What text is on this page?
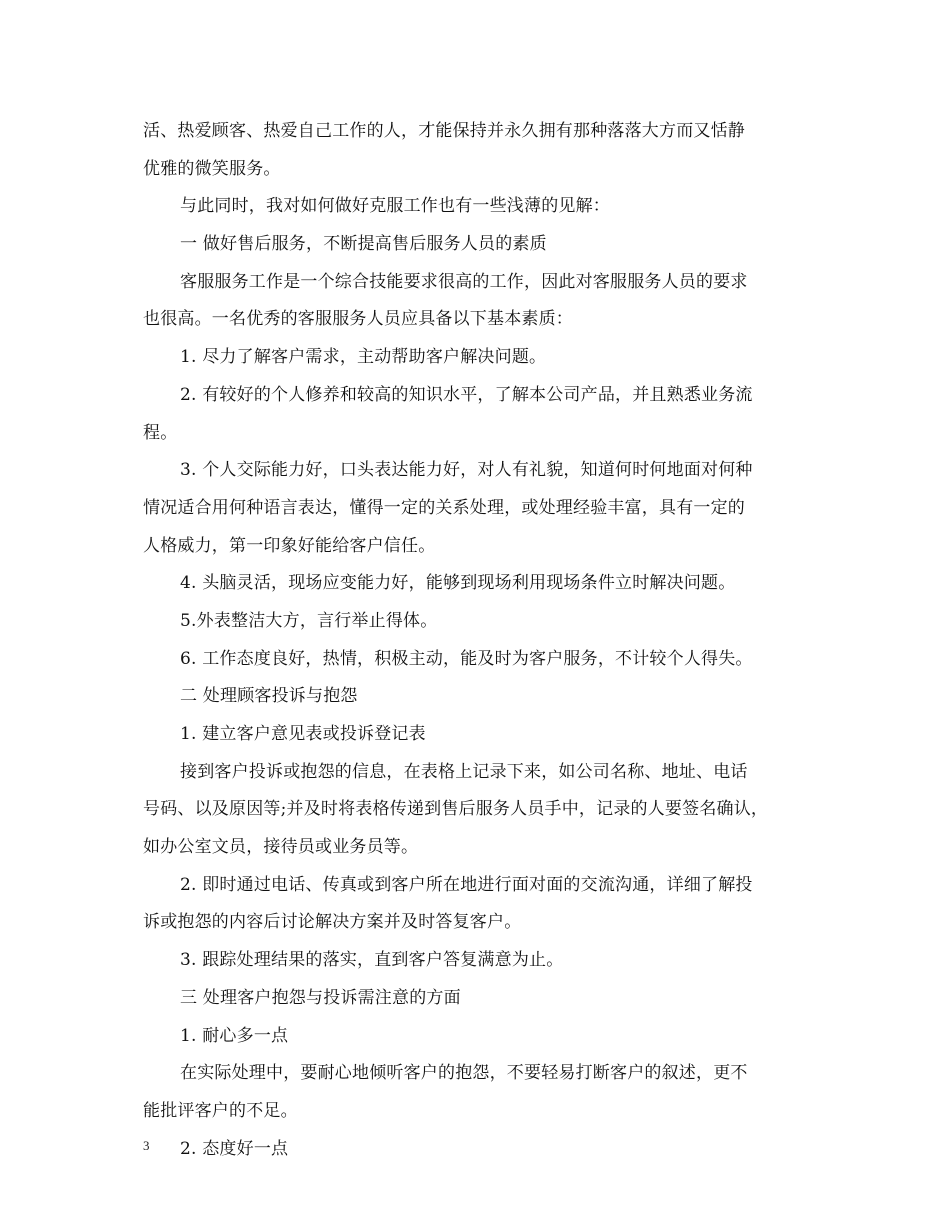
活、热爱顾客、热爱自己工作的人，才能保持并永久拥有那种落落大方而又恬静
优雅的微笑服务。
与此同时，我对如何做好克服工作也有一些浅薄的见解：
一 做好售后服务，不断提高售后服务人员的素质
客服服务工作是一个综合技能要求很高的工作，因此对客服服务人员的要求
也很高。一名优秀的客服服务人员应具备以下基本素质：
1. 尽力了解客户需求，主动帮助客户解决问题。
2. 有较好的个人修养和较高的知识水平，了解本公司产品，并且熟悉业务流
程。
3. 个人交际能力好，口头表达能力好，对人有礼貌，知道何时何地面对何种
情况适合用何种语言表达，懂得一定的关系处理，或处理经验丰富，具有一定的
人格威力，第一印象好能给客户信任。
4. 头脑灵活，现场应变能力好，能够到现场利用现场条件立时解决问题。
5.外表整洁大方，言行举止得体。
6. 工作态度良好，热情，积极主动，能及时为客户服务，不计较个人得失。
二 处理顾客投诉与抱怨
1. 建立客户意见表或投诉登记表
接到客户投诉或抱怨的信息，在表格上记录下来，如公司名称、地址、电话
号码、以及原因等;并及时将表格传递到售后服务人员手中，记录的人要签名确认，
如办公室文员，接待员或业务员等。
2. 即时通过电话、传真或到客户所在地进行面对面的交流沟通，详细了解投
诉或抱怨的内容后讨论解决方案并及时答复客户。
3. 跟踪处理结果的落实，直到客户答复满意为止。
三 处理客户抱怨与投诉需注意的方面
1. 耐心多一点
在实际处理中，要耐心地倾听客户的抱怨，不要轻易打断客户的叙述，更不
能批评客户的不足。
2. 态度好一点
3
